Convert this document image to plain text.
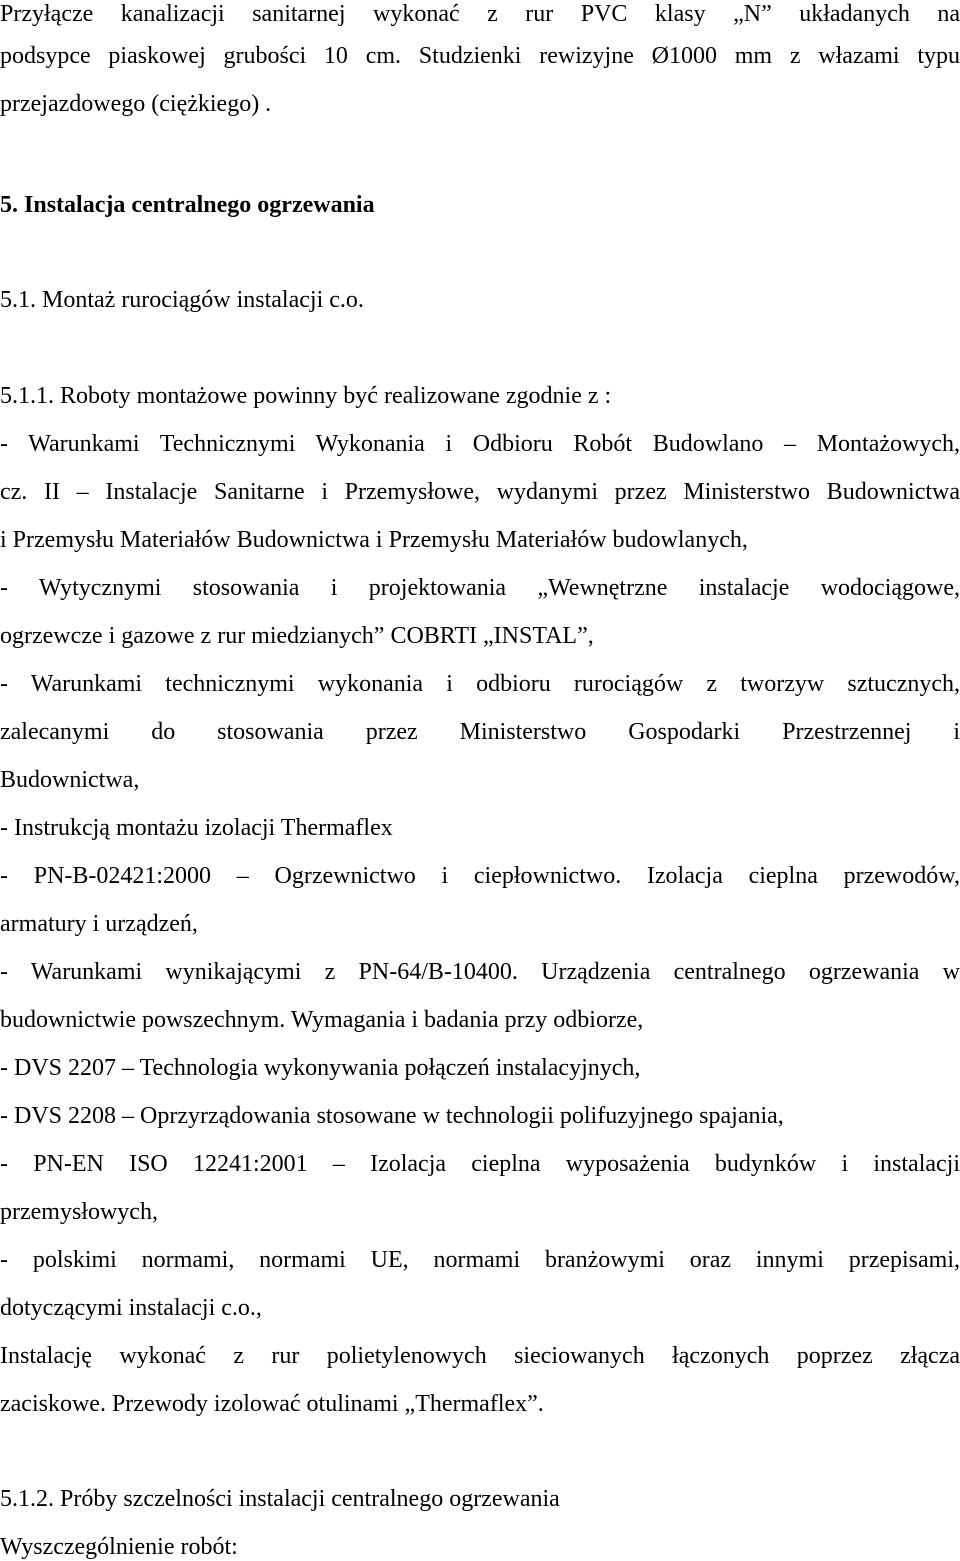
Przyłącze kanalizacji sanitarnej wykonać z rur PVC klasy „N” układanych na
podsypce piaskowej grubości 10 cm. Studzienki rewizyjne Ø1000 mm z włazami typu
przejazdowego (ciężkiego) .
5. Instalacja centralnego ogrzewania
5.1. Montaż rurociągów instalacji c.o.
5.1.1. Roboty montażowe powinny być realizowane zgodnie z :
- Warunkami Technicznymi Wykonania i Odbioru Robót Budowlano – Montażowych,
cz. II – Instalacje Sanitarne i Przemysłowe, wydanymi przez Ministerstwo Budownictwa
i Przemysłu Materiałów Budownictwa i Przemysłu Materiałów budowlanych,
- Wytycznymi stosowania i projektowania „Wewnętrzne instalacje wodociągowe,
ogrzewcze i gazowe z rur miedzianych” COBRTI „INSTAL”,
- Warunkami technicznymi wykonania i odbioru rurociągów z tworzyw sztucznych,
zalecanymi do stosowania przez Ministerstwo Gospodarki Przestrzennej i
Budownictwa,
- Instrukcją montażu izolacji Thermaflex
- PN-B-02421:2000 – Ogrzewnictwo i ciepłownictwo. Izolacja cieplna przewodów,
armatury i urządzeń,
- Warunkami wynikającymi z PN-64/B-10400. Urządzenia centralnego ogrzewania w
budownictwie powszechnym. Wymagania i badania przy odbiorze,
- DVS 2207 – Technologia wykonywania połączeń instalacyjnych,
- DVS 2208 – Oprzyrządowania stosowane w technologii polifuzyjnego spajania,
- PN-EN ISO 12241:2001 – Izolacja cieplna wyposażenia budynków i instalacji
przemysłowych,
- polskimi normami, normami UE, normami branżowymi oraz innymi przepisami,
dotyczącymi instalacji c.o.,
Instalację wykonać z rur polietylenowych sieciowanych łączonych poprzez złącza
zaciskowe. Przewody izolować otulinami „Thermaflex”.
5.1.2. Próby szczelności instalacji centralnego ogrzewania
Wyszczególnienie robót:
